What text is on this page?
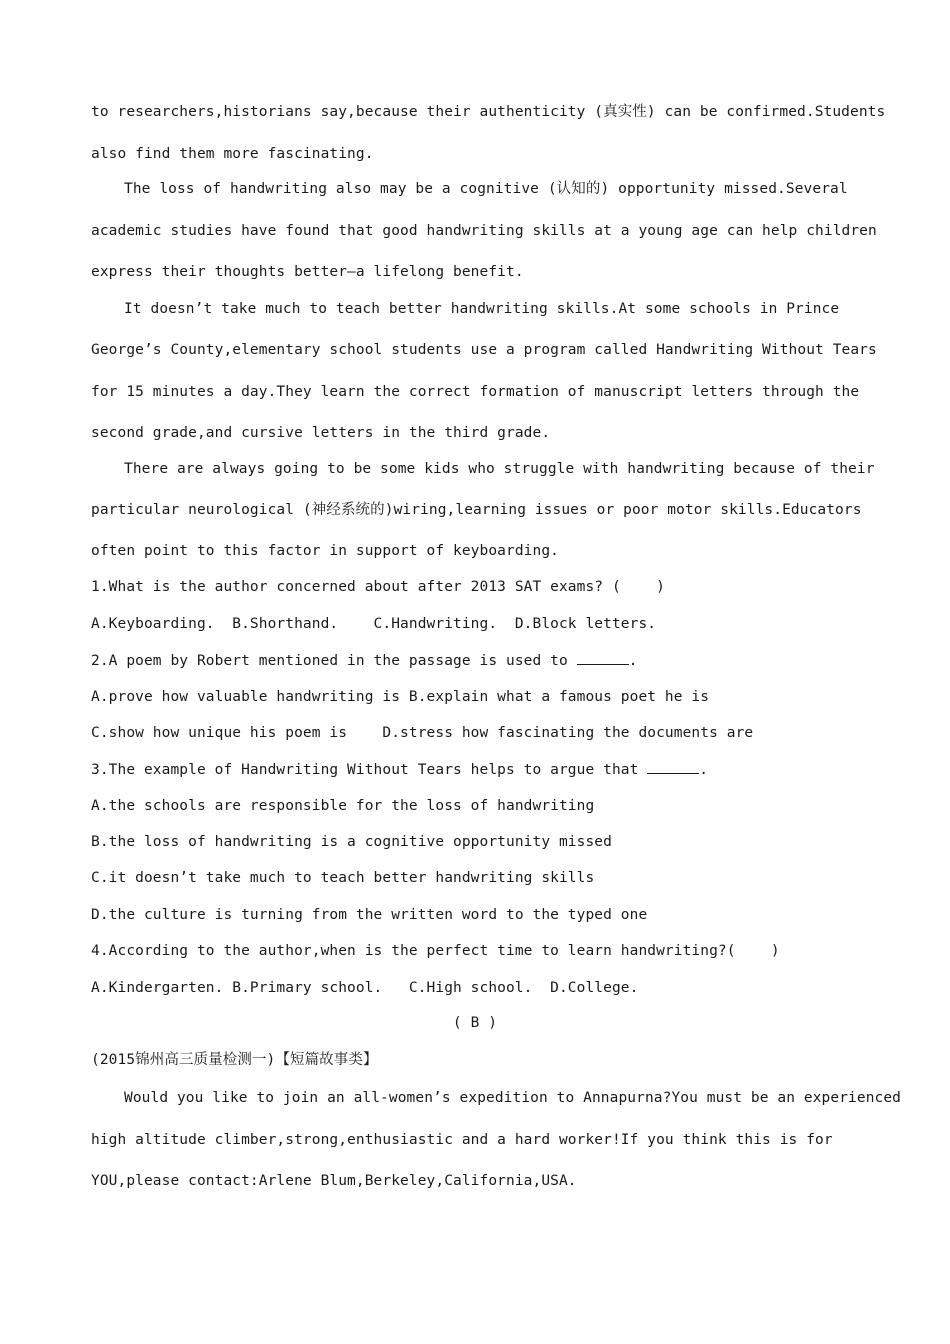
to researchers,historians say,because their authenticity (真实性) can be confirmed.Students
also find them more fascinating.
The loss of handwriting also may be a cognitive (认知的) opportunity missed.Several
academic studies have found that good handwriting skills at a young age can help children
express their thoughts better—a lifelong benefit.
It doesn’t take much to teach better handwriting skills.At some schools in Prince
George’s County,elementary school students use a program called Handwriting Without Tears
for 15 minutes a day.They learn the correct formation of manuscript letters through the
second grade,and cursive letters in the third grade.
There are always going to be some kids who struggle with handwriting because of their
particular neurological (神经系统的)wiring,learning issues or poor motor skills.Educators
often point to this factor in support of keyboarding.
1.What is the author concerned about after 2013 SAT exams? (    )
A.Keyboarding.  B.Shorthand.    C.Handwriting.  D.Block letters.
2.A poem by Robert mentioned in the passage is used to	.
A.prove how valuable handwriting is B.explain what a famous poet he is
C.show how unique his poem is    D.stress how fascinating the documents are
3.The example of Handwriting Without Tears helps to argue that	.
A.the schools are responsible for the loss of handwriting
B.the loss of handwriting is a cognitive opportunity missed
C.it doesn’t take much to teach better handwriting skills
D.the culture is turning from the written word to the typed one
4.According to the author,when is the perfect time to learn handwriting?(    )
A.Kindergarten. B.Primary school.   C.High school.  D.College.
( B )
(2015锦州高三质量检测一)【短篇故事类】
Would you like to join an all-women’s expedition to Annapurna?You must be an experienced
high altitude climber,strong,enthusiastic and a hard worker!If you think this is for
YOU,please contact:Arlene Blum,Berkeley,California,USA.
